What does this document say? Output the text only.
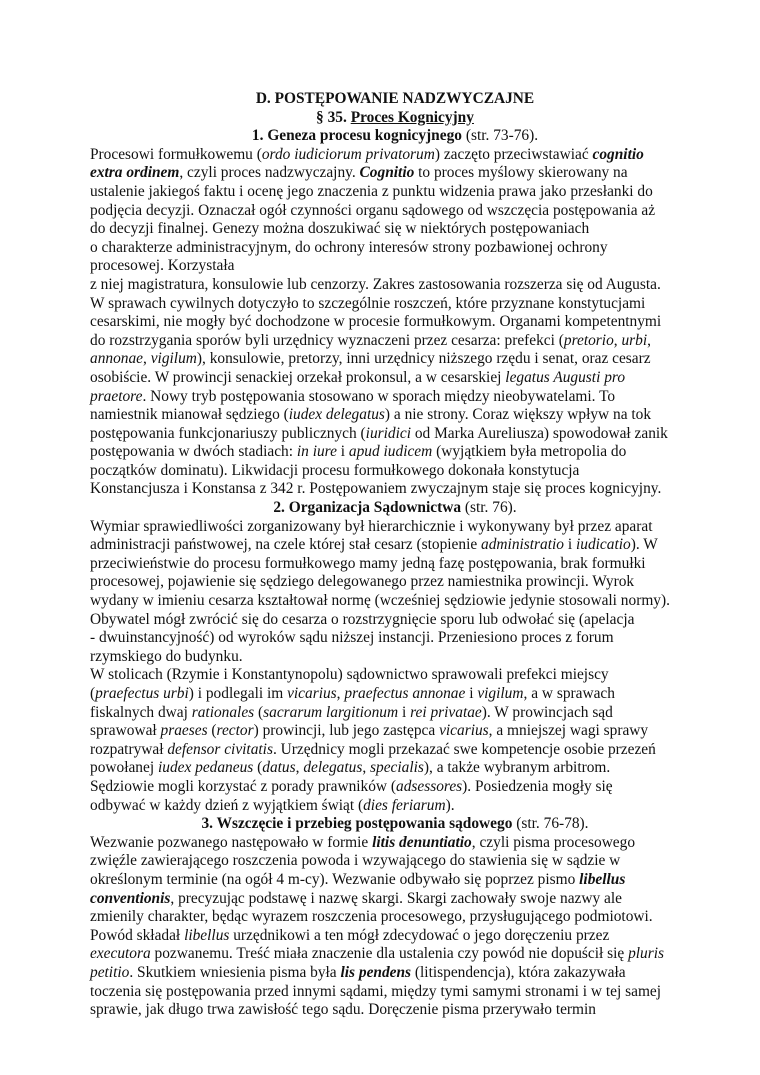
D. POSTĘPOWANIE NADZWYCZAJNE
§ 35. Proces Kognicyjny
1. Geneza procesu kognicyjnego (str. 73-76).
Procesowi formułkowemu (ordo iudiciorum privatorum) zaczęto przeciwstawiać cognitio
extra ordinem, czyli proces nadzwyczajny. Cognitio to proces myślowy skierowany na
ustalenie jakiegoś faktu i ocenę jego znaczenia z punktu widzenia prawa jako przesłanki do
podjęcia decyzji. Oznaczał ogół czynności organu sądowego od wszczęcia postępowania aż
do decyzji finalnej. Genezy można doszukiwać się w niektórych postępowaniach
o charakterze administracyjnym, do ochrony interesów strony pozbawionej ochrony
procesowej. Korzystała
z niej magistratura, konsulowie lub cenzorzy. Zakres zastosowania rozszerza się od Augusta.
W sprawach cywilnych dotyczyło to szczególnie roszczeń, które przyznane konstytucjami
cesarskimi, nie mogły być dochodzone w procesie formułkowym. Organami kompetentnymi
do rozstrzygania sporów byli urzędnicy wyznaczeni przez cesarza: prefekci (pretorio, urbi,
annonae, vigilum), konsulowie, pretorzy, inni urzędnicy niższego rzędu i senat, oraz cesarz
osobiście. W prowincji senackiej orzekał prokonsul, a w cesarskiej legatus Augusti pro
praetore. Nowy tryb postępowania stosowano w sporach między nieobywatelami. To
namiestnik mianował sędziego (iudex delegatus) a nie strony. Coraz większy wpływ na tok
postępowania funkcjonariuszy publicznych (iuridici od Marka Aureliusza) spowodował zanik
postępowania w dwóch stadiach: in iure i apud iudicem (wyjątkiem była metropolia do
początków dominatu). Likwidacji procesu formułkowego dokonała konstytucja
Konstancjusza i Konstansa z 342 r. Postępowaniem zwyczajnym staje się proces kognicyjny.
2. Organizacja Sądownictwa (str. 76).
Wymiar sprawiedliwości zorganizowany był hierarchicznie i wykonywany był przez aparat
administracji państwowej, na czele której stał cesarz (stopienie administratio i iudicatio). W
przeciwieństwie do procesu formułkowego mamy jedną fazę postępowania, brak formułki
procesowej, pojawienie się sędziego delegowanego przez namiestnika prowincji. Wyrok
wydany w imieniu cesarza kształtował normę (wcześniej sędziowie jedynie stosowali normy).
Obywatel mógł zwrócić się do cesarza o rozstrzygnięcie sporu lub odwołać się (apelacja
- dwuinstancyjność) od wyroków sądu niższej instancji. Przeniesiono proces z forum
rzymskiego do budynku.
W stolicach (Rzymie i Konstantynopolu) sądownictwo sprawowali prefekci miejscy
(praefectus urbi) i podlegali im vicarius, praefectus annonae i vigilum, a w sprawach
fiskalnych dwaj rationales (sacrarum largitionum i rei privatae). W prowincjach sąd
sprawował praeses (rector) prowincji, lub jego zastępca vicarius, a mniejszej wagi sprawy
rozpatrywał defensor civitatis. Urzędnicy mogli przekazać swe kompetencje osobie przezeń
powołanej iudex pedaneus (datus, delegatus, specialis), a także wybranym arbitrom.
Sędziowie mogli korzystać z porady prawników (adsessores). Posiedzenia mogły się
odbywać w każdy dzień z wyjątkiem świąt (dies feriarum).
3. Wszczęcie i przebieg postępowania sądowego (str. 76-78).
Wezwanie pozwanego następowało w formie litis denuntiatio, czyli pisma procesowego
zwięźle zawierającego roszczenia powoda i wzywającego do stawienia się w sądzie w
określonym terminie (na ogół 4 m-cy). Wezwanie odbywało się poprzez pismo libellus
conventionis, precyzując podstawę i nazwę skargi. Skargi zachowały swoje nazwy ale
zmienily charakter, będąc wyrazem roszczenia procesowego, przysługującego podmiotowi.
Powód składał libellus urzędnikowi a ten mógł zdecydować o jego doręczeniu przez
executora pozwanemu. Treść miała znaczenie dla ustalenia czy powód nie dopuścił się pluris
petitio. Skutkiem wniesienia pisma była lis pendens (litispendencja), która zakazywała
toczenia się postępowania przed innymi sądami, między tymi samymi stronami i w tej samej
sprawie, jak długo trwa zawisłość tego sądu. Doręczenie pisma przerywało termin
